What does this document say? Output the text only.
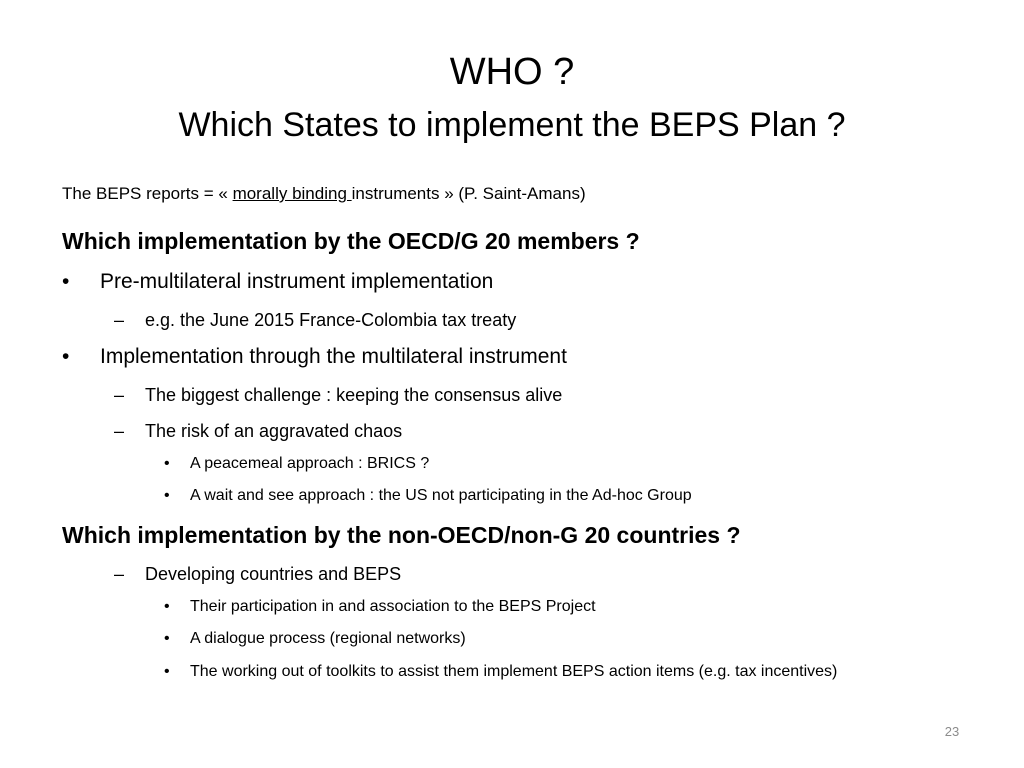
WHO ?
Which States to implement the BEPS Plan ?
The BEPS reports = « morally binding instruments » (P. Saint-Amans)
Which implementation by the OECD/G 20 members ?
• Pre-multilateral instrument implementation
– e.g. the June 2015 France-Colombia tax treaty
• Implementation through the multilateral instrument
– The biggest challenge : keeping the consensus alive
– The risk of an aggravated chaos
• A peacemeal approach : BRICS ?
• A wait and see approach : the US not participating in the Ad-hoc Group
Which implementation by the non-OECD/non-G 20 countries ?
– Developing countries and BEPS
• Their participation in and association to the BEPS Project
• A dialogue process (regional networks)
• The working out of toolkits to assist them implement BEPS action items (e.g. tax incentives)
23
